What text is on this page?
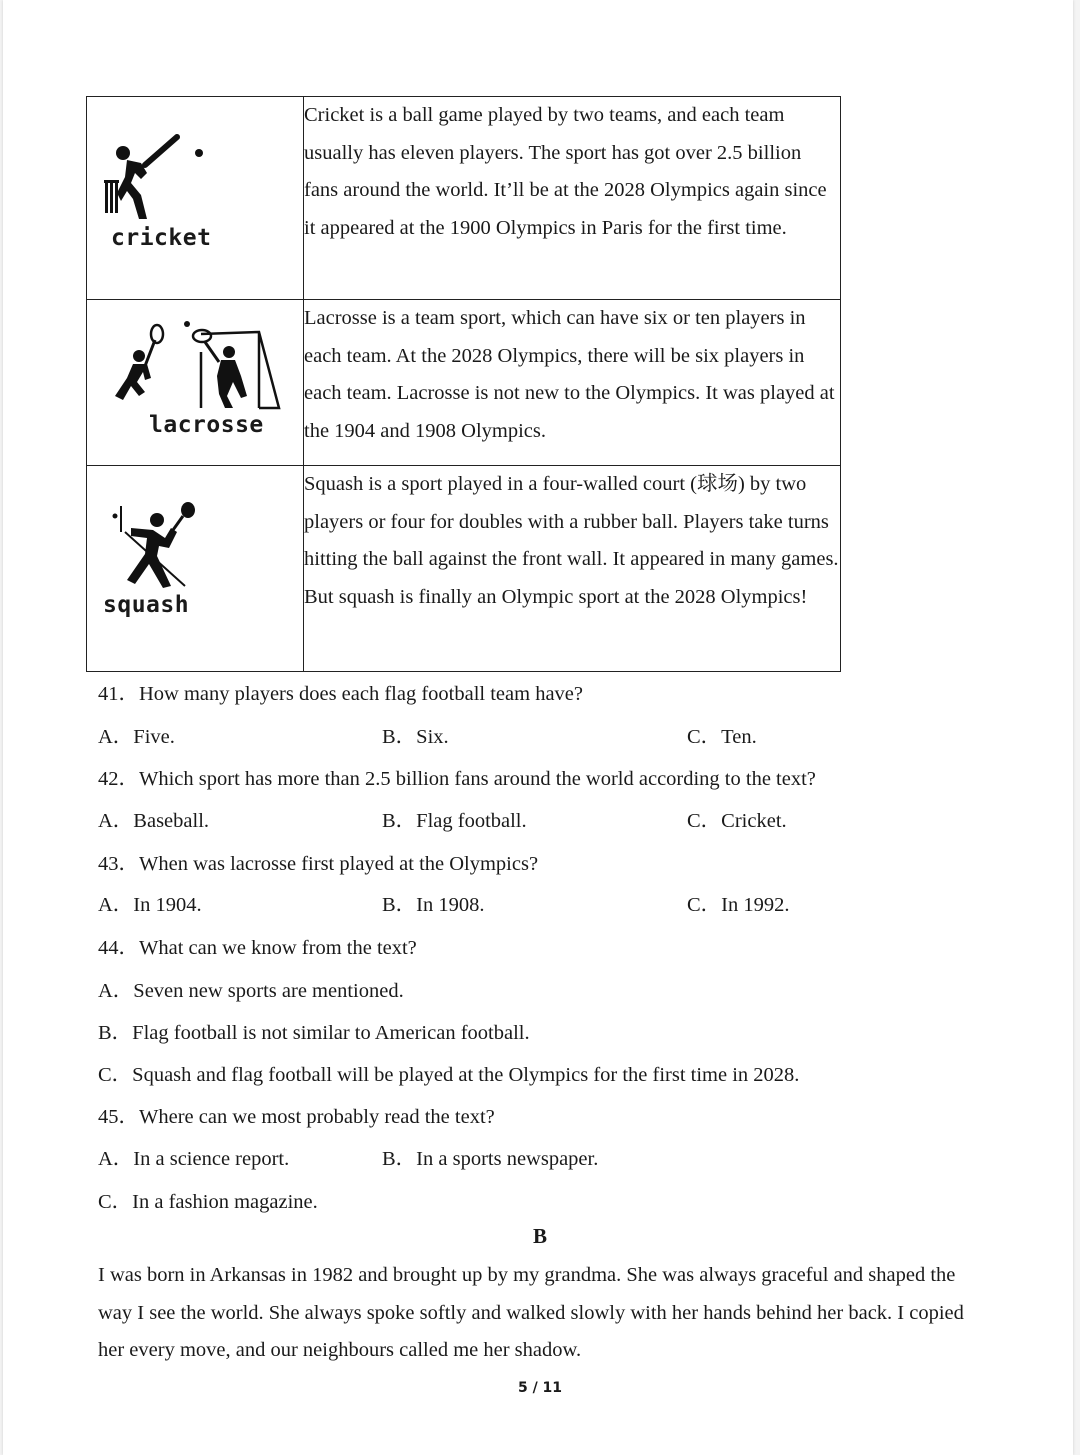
cricket	Cricket is a ball game played by two teams, and each team usually has eleven players. The sport has got over 2.5 billion fans around the world. It’ll be at the 2028 Olympics again since it appeared at the 1900 Olympics in Paris for the first time.

lacrosse	Lacrosse is a team sport, which can have six or ten players in each team. At the 2028 Olympics, there will be six players in each team. Lacrosse is not new to the Olympics. It was played at the 1904 and 1908 Olympics.

squash	Squash is a sport played in a four-walled court (球场) by two players or four for doubles with a rubber ball. Players take turns hitting the ball against the front wall. It appeared in many games. But squash is finally an Olympic sport at the 2028 Olympics!
41．How many players does each flag football team have?
A．Five.	B．Six.	C．Ten.
42．Which sport has more than 2.5 billion fans around the world according to the text?
A．Baseball.	B．Flag football.	C．Cricket.
43．When was lacrosse first played at the Olympics?
A．In 1904.	B．In 1908.	C．In 1992.
44．What can we know from the text?
A．Seven new sports are mentioned.
B．Flag football is not similar to American football.
C．Squash and flag football will be played at the Olympics for the first time in 2028.
45．Where can we most probably read the text?
A．In a science report.	B．In a sports newspaper.
C．In a fashion magazine.
B
I was born in Arkansas in 1982 and brought up by my grandma. She was always graceful and shaped the way I see the world. She always spoke softly and walked slowly with her hands behind her back. I copied her every move, and our neighbours called me her shadow.
5 / 11
